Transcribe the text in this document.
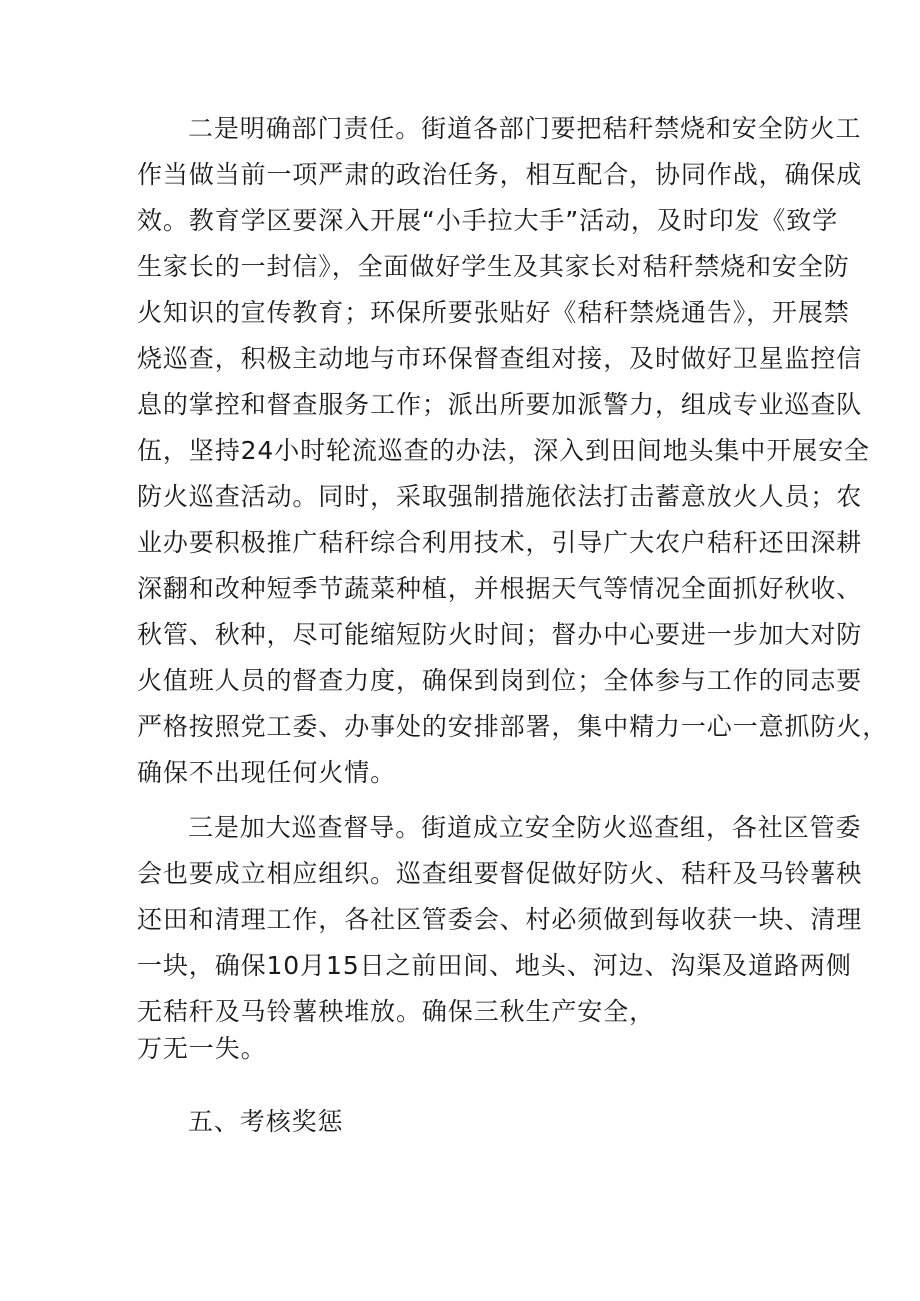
二是明确部门责任。街道各部门要把秸秆禁烧和安全防火工
作当做当前一项严肃的政治任务，相互配合，协同作战，确保成
效。教育学区要深入开展“小手拉大手”活动，及时印发《致学
生家长的一封信》，全面做好学生及其家长对秸秆禁烧和安全防
火知识的宣传教育；环保所要张贴好《秸秆禁烧通告》，开展禁
烧巡查，积极主动地与市环保督查组对接，及时做好卫星监控信
息的掌控和督查服务工作；派出所要加派警力，组成专业巡查队
伍，坚持24小时轮流巡查的办法，深入到田间地头集中开展安全
防火巡查活动。同时，采取强制措施依法打击蓄意放火人员；农
业办要积极推广秸秆综合利用技术，引导广大农户秸秆还田深耕
深翻和改种短季节蔬菜种植，并根据天气等情况全面抓好秋收、
秋管、秋种，尽可能缩短防火时间；督办中心要进一步加大对防
火值班人员的督查力度，确保到岗到位；全体参与工作的同志要
严格按照党工委、办事处的安排部署，集中精力一心一意抓防火，
确保不出现任何火情。
三是加大巡查督导。街道成立安全防火巡查组，各社区管委
会也要成立相应组织。巡查组要督促做好防火、秸秆及马铃薯秧
还田和清理工作，各社区管委会、村必须做到每收获一块、清理
一块，确保10月15日之前田间、地头、河边、沟渠及道路两侧
无秸秆及马铃薯秧堆放。确保三秋生产安全，
万无一失。
五、考核奖惩
